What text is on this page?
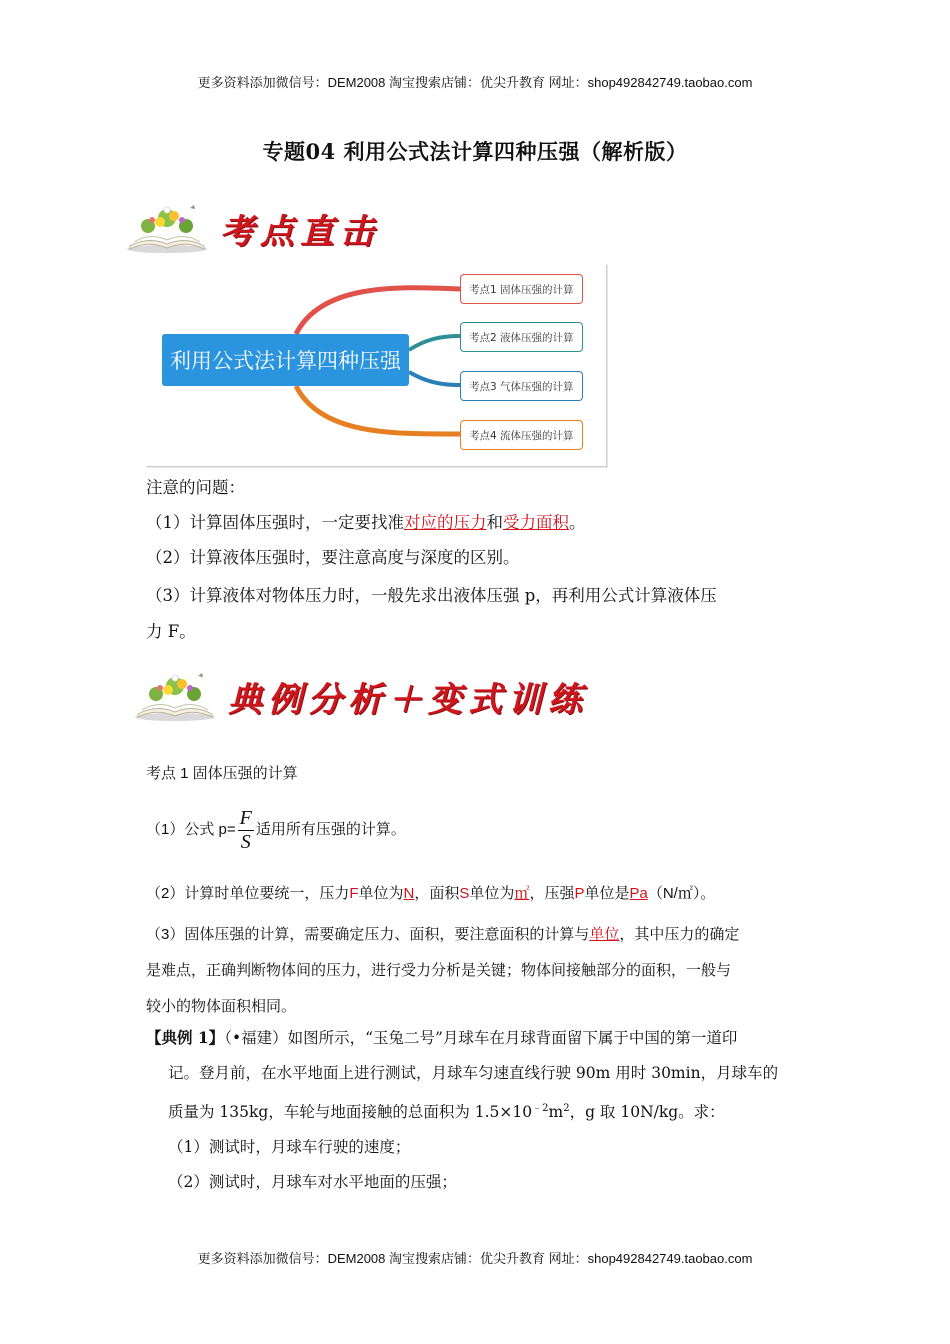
更多资料添加微信号：DEM2008 淘宝搜索店铺：优尖升教育 网址：shop492842749.taobao.com
专题04 利用公式法计算四种压强（解析版）
考点直击
利用公式法计算四种压强
考点1 固体压强的计算
考点2 液体压强的计算
考点3 气体压强的计算
考点4 流体压强的计算
注意的问题：
（1）计算固体压强时，一定要找准对应的压力和受力面积。
（2）计算液体压强时，要注意高度与深度的区别。
（3）计算液体对物体压力时，一般先求出液体压强 p，再利用公式计算液体压
力 F。
典例分析＋变式训练
考点 1 固体压强的计算
（1）公式 $p= \frac{F}{S}$ 适用所有压强的计算。
（2）计算时单位要统一，压力F单位为N，面积S单位为㎡，压强P单位是Pa（N/㎡）。
（3）固体压强的计算，需要确定压力、面积，要注意面积的计算与单位，其中压力的确定
是难点，正确判断物体间的压力，进行受力分析是关键；物体间接触部分的面积，一般与
较小的物体面积相同。
【典例 1】（•福建）如图所示，“玉兔二号”月球车在月球背面留下属于中国的第一道印
记。登月前，在水平地面上进行测试，月球车匀速直线行驶 90m 用时 30min，月球车的
质量为 135kg，车轮与地面接触的总面积为 $1.5\times 10^{﹣2}m^2$，g 取 10N/kg。求：
（1）测试时，月球车行驶的速度；
（2）测试时，月球车对水平地面的压强；
更多资料添加微信号：DEM2008 淘宝搜索店铺：优尖升教育 网址：shop492842749.taobao.com
